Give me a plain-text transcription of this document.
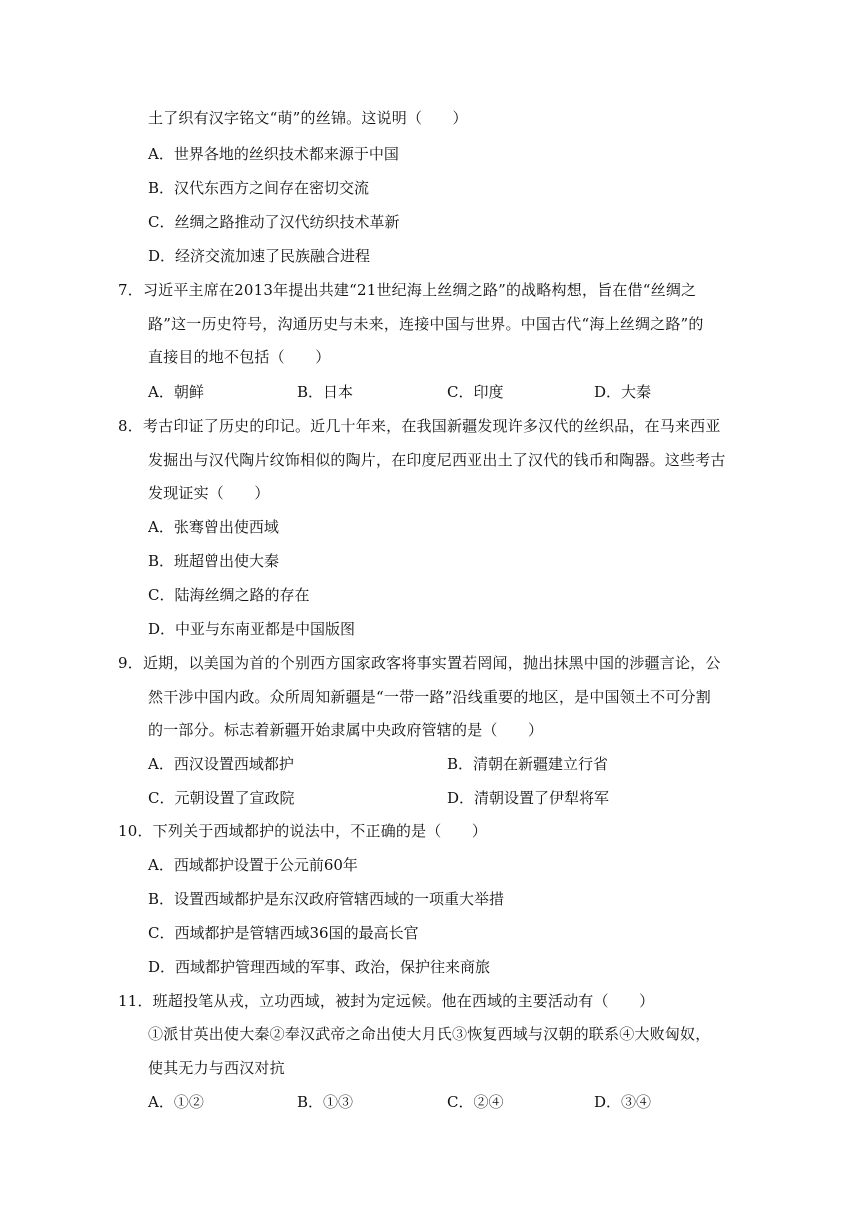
土了织有汉字铭文“萌”的丝锦。这说明（　　）
A．世界各地的丝织技术都来源于中国
B．汉代东西方之间存在密切交流
C．丝绸之路推动了汉代纺织技术革新
D．经济交流加速了民族融合进程
7．习近平主席在2013年提出共建“21世纪海上丝绸之路”的战略构想，旨在借“丝绸之
路”这一历史符号，沟通历史与未来，连接中国与世界。中国古代“海上丝绸之路”的
直接目的地不包括（　　）
A．朝鲜	B．日本	C．印度	D．大秦
8．考古印证了历史的印记。近几十年来，在我国新疆发现许多汉代的丝织品，在马来西亚
发掘出与汉代陶片纹饰相似的陶片，在印度尼西亚出土了汉代的钱币和陶器。这些考古
发现证实（　　）
A．张骞曾出使西域
B．班超曾出使大秦
C．陆海丝绸之路的存在
D．中亚与东南亚都是中国版图
9．近期，以美国为首的个别西方国家政客将事实置若罔闻，抛出抹黑中国的涉疆言论，公
然干涉中国内政。众所周知新疆是“一带一路”沿线重要的地区，是中国领土不可分割
的一部分。标志着新疆开始隶属中央政府管辖的是（　　）
A．西汉设置西域都护	B．清朝在新疆建立行省
C．元朝设置了宣政院	D．清朝设置了伊犁将军
10．下列关于西域都护的说法中，不正确的是（　　）
A．西域都护设置于公元前60年
B．设置西域都护是东汉政府管辖西域的一项重大举措
C．西域都护是管辖西域36国的最高长官
D．西域都护管理西域的军事、政治，保护往来商旅
11．班超投笔从戎，立功西域，被封为定远候。他在西域的主要活动有（　　）
①派甘英出使大秦②奉汉武帝之命出使大月氏③恢复西域与汉朝的联系④大败匈奴，
使其无力与西汉对抗
A．①②	B．①③	C．②④	D．③④
